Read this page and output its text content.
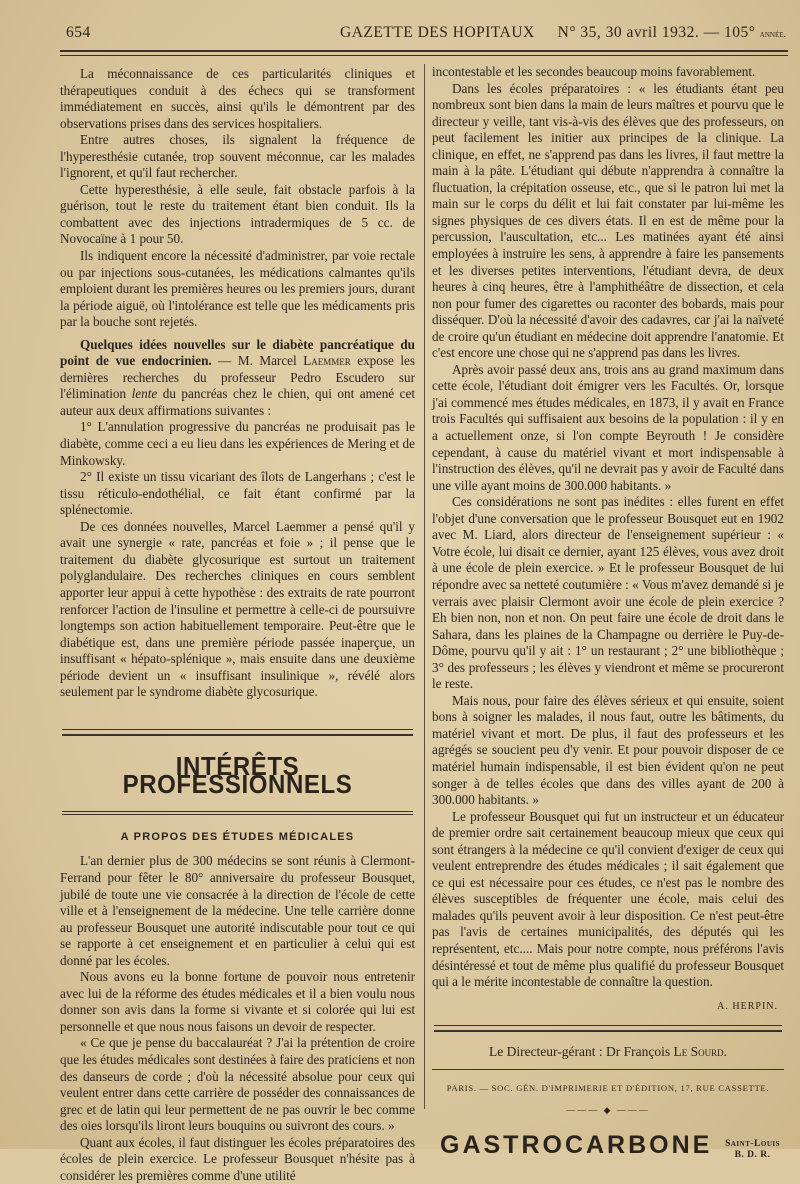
654	GAZETTE DES HOPITAUX N° 35, 30 avril 1932. — 105° année.

La méconnaissance de ces particularités cliniques et thérapeutiques conduit à des échecs qui se transforment immédiatement en succès, ainsi qu'ils le démontrent par des observations prises dans des services hospitaliers.

Entre autres choses, ils signalent la fréquence de l'hyperesthésie cutanée, trop souvent méconnue, car les malades l'ignorent, et qu'il faut rechercher.

Cette hyperesthésie, à elle seule, fait obstacle parfois à la guérison, tout le reste du traitement étant bien conduit. Ils la combattent avec des injections intradermiques de 5 cc. de Novocaïne à 1 pour 50.

Ils indiquent encore la nécessité d'administrer, par voie rectale ou par injections sous-cutanées, les médications calmantes qu'ils emploient durant les premières heures ou les premiers jours, durant la période aiguë, où l'intolérance est telle que les médicaments pris par la bouche sont rejetés.

Quelques idées nouvelles sur le diabète pancréatique du point de vue endocrinien. — M. Marcel Laemmer expose les dernières recherches du professeur Pedro Escudero sur l'élimination lente du pancréas chez le chien, qui ont amené cet auteur aux deux affirmations suivantes :

1° L'annulation progressive du pancréas ne produisait pas le diabète, comme ceci a eu lieu dans les expériences de Mering et de Minkowsky.

2° Il existe un tissu vicariant des îlots de Langerhans ; c'est le tissu réticulo-endothélial, ce fait étant confirmé par la splénectomie.

De ces données nouvelles, Marcel Laemmer a pensé qu'il y avait une synergie « rate, pancréas et foie » ; il pense que le traitement du diabète glycosurique est surtout un traitement polyglandulaire. Des recherches cliniques en cours semblent apporter leur appui à cette hypothèse : des extraits de rate pourront renforcer l'action de l'insuline et permettre à celle-ci de poursuivre longtemps son action habituellement temporaire. Peut-être que le diabétique est, dans une première période passée inaperçue, un insuffisant « hépato-splénique », mais ensuite dans une deuxième période devient un « insuffisant insulinique », révélé alors seulement par le syndrome diabète glycosurique.

INTÉRÊTS PROFESSIONNELS
A PROPOS DES ÉTUDES MÉDICALES

L'an dernier plus de 300 médecins se sont réunis à Clermont-Ferrand pour fêter le 80° anniversaire du professeur Bousquet, jubilé de toute une vie consacrée à la direction de l'école de cette ville et à l'enseignement de la médecine. Une telle carrière donne au professeur Bousquet une autorité indiscutable pour tout ce qui se rapporte à cet enseignement et en particulier à celui qui est donné par les écoles.

Nous avons eu la bonne fortune de pouvoir nous entretenir avec lui de la réforme des études médicales et il a bien voulu nous donner son avis dans la forme si vivante et si colorée qui lui est personnelle et que nous nous faisons un devoir de respecter.

« Ce que je pense du baccalauréat ? J'ai la prétention de croire que les études médicales sont destinées à faire des praticiens et non des danseurs de corde ; d'où la nécessité absolue pour ceux qui veulent entrer dans cette carrière de posséder des connaissances de grec et de latin qui leur permettent de ne pas ouvrir le bec comme des oies lorsqu'ils liront leurs bouquins ou suivront des cours. »

Quant aux écoles, il faut distinguer les écoles préparatoires des écoles de plein exercice. Le professeur Bousquet n'hésite pas à considérer les premières comme d'une utilité

incontestable et les secondes beaucoup moins favorablement.

Dans les écoles préparatoires : « les étudiants étant peu nombreux sont bien dans la main de leurs maîtres et pourvu que le directeur y veille, tant vis-à-vis des élèves que des professeurs, on peut facilement les initier aux principes de la clinique. La clinique, en effet, ne s'apprend pas dans les livres, il faut mettre la main à la pâte. L'étudiant qui débute n'apprendra à connaître la fluctuation, la crépitation osseuse, etc., que si le patron lui met la main sur le corps du délit et lui fait constater par lui-même les signes physiques de ces divers états. Il en est de même pour la percussion, l'auscultation, etc... Les matinées ayant été ainsi employées à instruire les sens, à apprendre à faire les pansements et les diverses petites interventions, l'étudiant devra, de deux heures à cinq heures, être à l'amphithéâtre de dissection, et cela non pour fumer des cigarettes ou raconter des bobards, mais pour disséquer. D'où la nécessité d'avoir des cadavres, car j'ai la naïveté de croire qu'un étudiant en médecine doit apprendre l'anatomie. Et c'est encore une chose qui ne s'apprend pas dans les livres.

Après avoir passé deux ans, trois ans au grand maximum dans cette école, l'étudiant doit émigrer vers les Facultés. Or, lorsque j'ai commencé mes études médicales, en 1873, il y avait en France trois Facultés qui suffisaient aux besoins de la population : il y en a actuellement onze, si l'on compte Beyrouth ! Je considère cependant, à cause du matériel vivant et mort indispensable à l'instruction des élèves, qu'il ne devrait pas y avoir de Faculté dans une ville ayant moins de 300.000 habitants. »

Ces considérations ne sont pas inédites : elles furent en effet l'objet d'une conversation que le professeur Bousquet eut en 1902 avec M. Liard, alors directeur de l'enseignement supérieur : « Votre école, lui disait ce dernier, ayant 125 élèves, vous avez droit à une école de plein exercice. » Et le professeur Bousquet de lui répondre avec sa netteté coutumière : « Vous m'avez demandé si je verrais avec plaisir Clermont avoir une école de plein exercice ? Eh bien non, non et non. On peut faire une école de droit dans le Sahara, dans les plaines de la Champagne ou derrière le Puy-de-Dôme, pourvu qu'il y ait : 1° un restaurant ; 2° une bibliothèque ; 3° des professeurs ; les élèves y viendront et même se procureront le reste.

Mais nous, pour faire des élèves sérieux et qui ensuite, soient bons à soigner les malades, il nous faut, outre les bâtiments, du matériel vivant et mort. De plus, il faut des professeurs et les agrégés se soucient peu d'y venir. Et pour pouvoir disposer de ce matériel humain indispensable, il est bien évident qu'on ne peut songer à de telles écoles que dans des villes ayant de 200 à 300.000 habitants. »

Le professeur Bousquet qui fut un instructeur et un éducateur de premier ordre sait certainement beaucoup mieux que ceux qui sont étrangers à la médecine ce qu'il convient d'exiger de ceux qui veulent entreprendre des études médicales ; il sait également que ce qui est nécessaire pour ces études, ce n'est pas le nombre des élèves susceptibles de fréquenter une école, mais celui des malades qu'ils peuvent avoir à leur disposition. Ce n'est peut-être pas l'avis de certaines municipalités, des députés qui les représentent, etc.... Mais pour notre compte, nous préférons l'avis désintéressé et tout de même plus qualifié du professeur Bousquet qui a le mérite incontestable de connaître la question.

A. HERPIN.
Le Directeur-gérant : Dr François Le Sourd.
PARIS. — SOC. GÉN. D'IMPRIMERIE ET D'ÉDITION, 17, RUE CASSETTE.
——— ◆ ———
GASTROCARBONE Saint-Louis
B. D. R.
